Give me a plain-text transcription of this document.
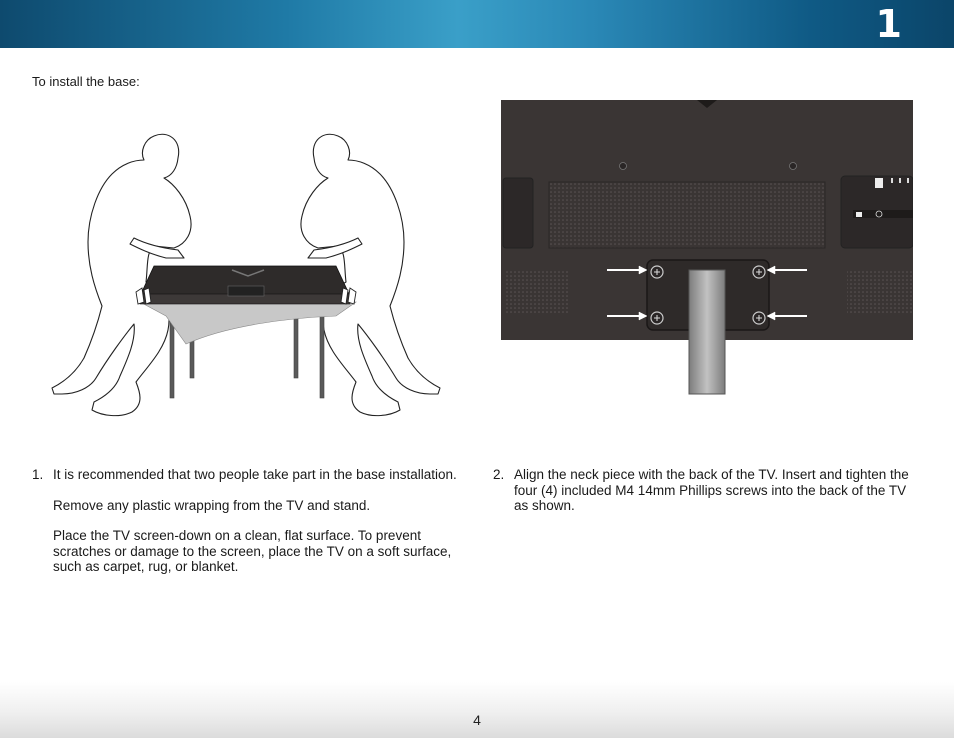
1
To install the base:
1. It is recommended that two people take part in the base installation.

Remove any plastic wrapping from the TV and stand.

Place the TV screen-down on a clean, flat surface. To prevent scratches or damage to the screen, place the TV on a soft surface, such as carpet, rug, or blanket.

2. Align the neck piece with the back of the TV. Insert and tighten the four (4) included M4 14mm Phillips screws into the back of the TV as shown.

4
